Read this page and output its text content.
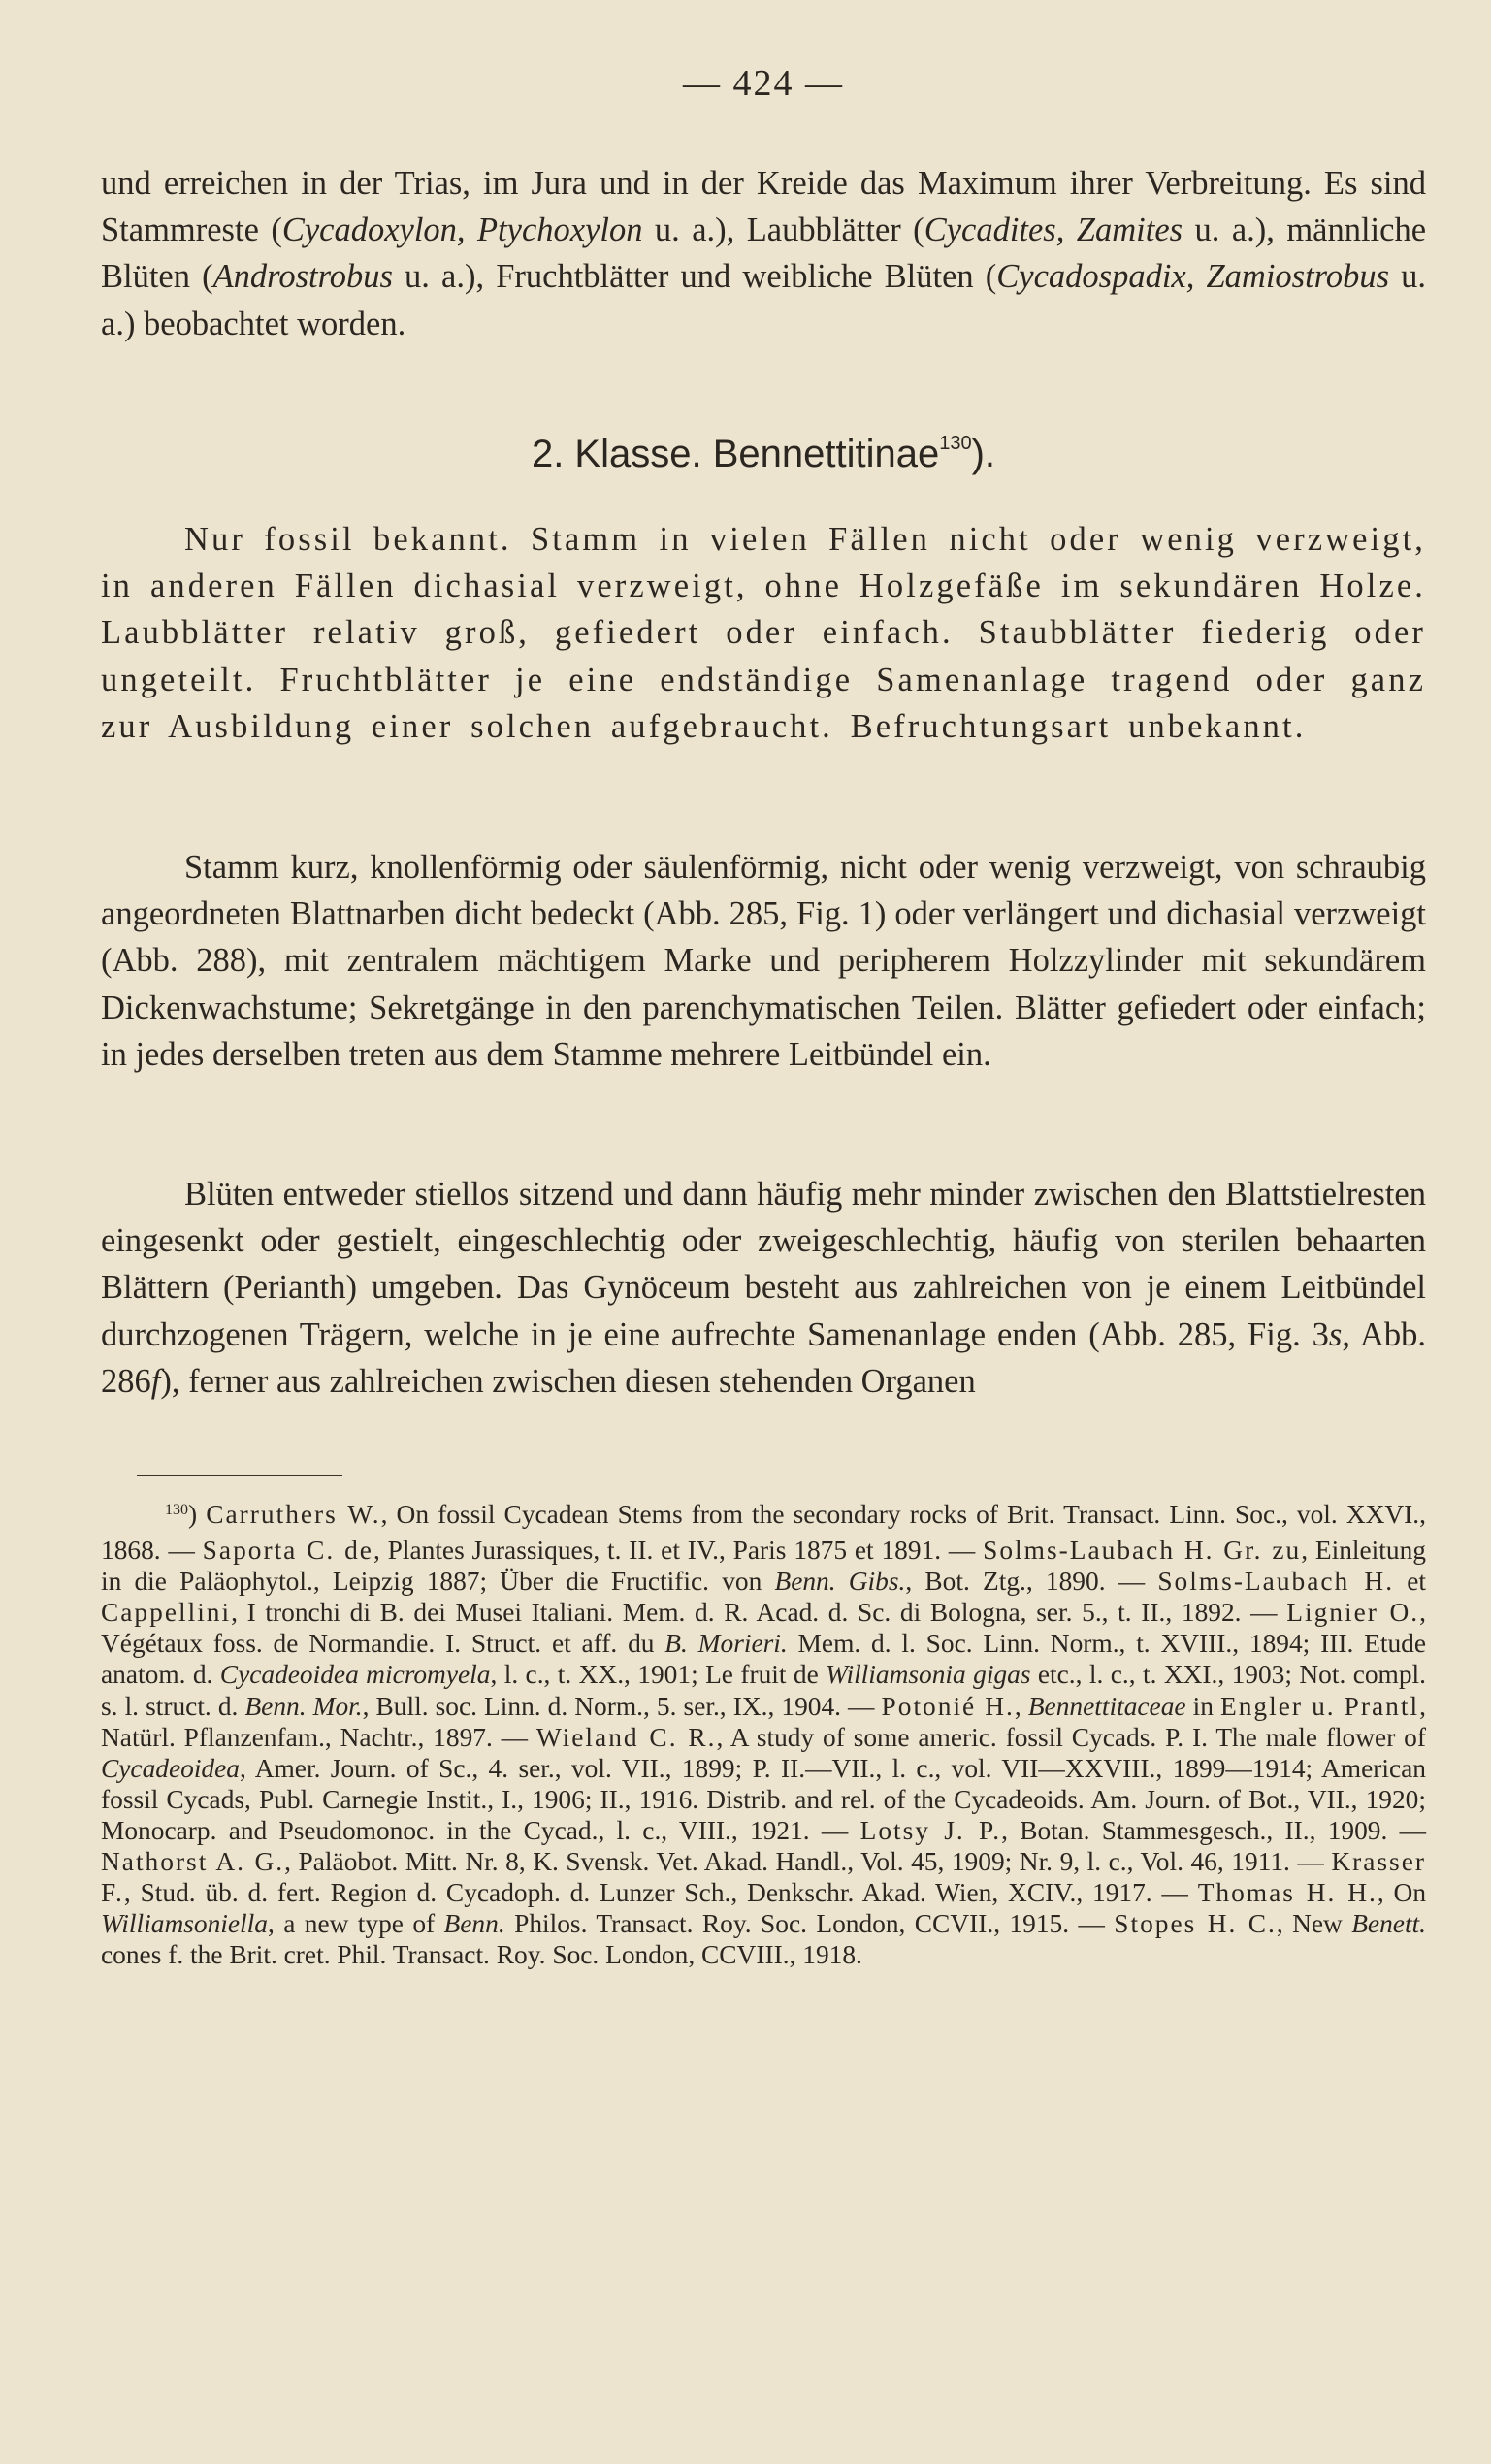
— 424 —

und erreichen in der Trias, im Jura und in der Kreide das Maximum ihrer Verbreitung. Es sind Stammreste (Cycadoxylon, Ptychoxylon u. a.), Laubblätter (Cycadites, Zamites u. a.), männliche Blüten (Androstrobus u. a.), Fruchtblätter und weibliche Blüten (Cycadospadix, Zamiostrobus u. a.) beobachtet worden.

2. Klasse. Bennettitinae$^{130}$).

Nur fossil bekannt. Stamm in vielen Fällen nicht oder wenig verzweigt, in anderen Fällen dichasial verzweigt, ohne Holzgefäße im sekundären Holze. Laubblätter relativ groß, gefiedert oder einfach. Staubblätter fiederig oder ungeteilt. Fruchtblätter je eine endständige Samenanlage tragend oder ganz zur Ausbildung einer solchen aufgebraucht. Befruchtungsart unbekannt.

Stamm kurz, knollenförmig oder säulenförmig, nicht oder wenig verzweigt, von schraubig angeordneten Blattnarben dicht bedeckt (Abb. 285, Fig. 1) oder verlängert und dichasial verzweigt (Abb. 288), mit zentralem mächtigem Marke und peripherem Holzzylinder mit sekundärem Dickenwachstume; Sekretgänge in den parenchymatischen Teilen. Blätter gefiedert oder einfach; in jedes derselben treten aus dem Stamme mehrere Leitbündel ein.

Blüten entweder stiellos sitzend und dann häufig mehr minder zwischen den Blattstielresten eingesenkt oder gestielt, eingeschlechtig oder zweigeschlechtig, häufig von sterilen behaarten Blättern (Perianth) umgeben. Das Gynöceum besteht aus zahlreichen von je einem Leitbündel durchzogenen Trägern, welche in je eine aufrechte Samenanlage enden (Abb. 285, Fig. 3s, Abb. 286f), ferner aus zahlreichen zwischen diesen stehenden Organen

$^{130}$) Carruthers W., On fossil Cycadean Stems from the secondary rocks of Brit. Transact. Linn. Soc., vol. XXVI., 1868. — Saporta C. de, Plantes Jurassiques, t. II. et IV., Paris 1875 et 1891. — Solms-Laubach H. Gr. zu, Einleitung in die Paläophytol., Leipzig 1887; Über die Fructific. von Benn. Gibs., Bot. Ztg., 1890. — Solms-Laubach H. et Cappellini, I tronchi di B. dei Musei Italiani. Mem. d. R. Acad. d. Sc. di Bologna, ser. 5., t. II., 1892. — Lignier O., Végétaux foss. de Normandie. I. Struct. et aff. du B. Morieri. Mem. d. l. Soc. Linn. Norm., t. XVIII., 1894; III. Etude anatom. d. Cycadeoidea micromyela, l. c., t. XX., 1901; Le fruit de Williamsonia gigas etc., l. c., t. XXI., 1903; Not. compl. s. l. struct. d. Benn. Mor., Bull. soc. Linn. d. Norm., 5. ser., IX., 1904. — Potonié H., Bennettitaceae in Engler u. Prantl, Natürl. Pflanzenfam., Nachtr., 1897. — Wieland C. R., A study of some americ. fossil Cycads. P. I. The male flower of Cycadeoidea, Amer. Journ. of Sc., 4. ser., vol. VII., 1899; P. II.—VII., l. c., vol. VII—XXVIII., 1899—1914; American fossil Cycads, Publ. Carnegie Instit., I., 1906; II., 1916. Distrib. and rel. of the Cycadeoids. Am. Journ. of Bot., VII., 1920; Monocarp. and Pseudomonoc. in the Cycad., l. c., VIII., 1921. — Lotsy J. P., Botan. Stammesgesch., II., 1909. — Nathorst A. G., Paläobot. Mitt. Nr. 8, K. Svensk. Vet. Akad. Handl., Vol. 45, 1909; Nr. 9, l. c., Vol. 46, 1911. — Krasser F., Stud. üb. d. fert. Region d. Cycadoph. d. Lunzer Sch., Denkschr. Akad. Wien, XCIV., 1917. — Thomas H. H., On Williamsoniella, a new type of Benn. Philos. Transact. Roy. Soc. London, CCVII., 1915. — Stopes H. C., New Benett. cones f. the Brit. cret. Phil. Transact. Roy. Soc. London, CCVIII., 1918.
